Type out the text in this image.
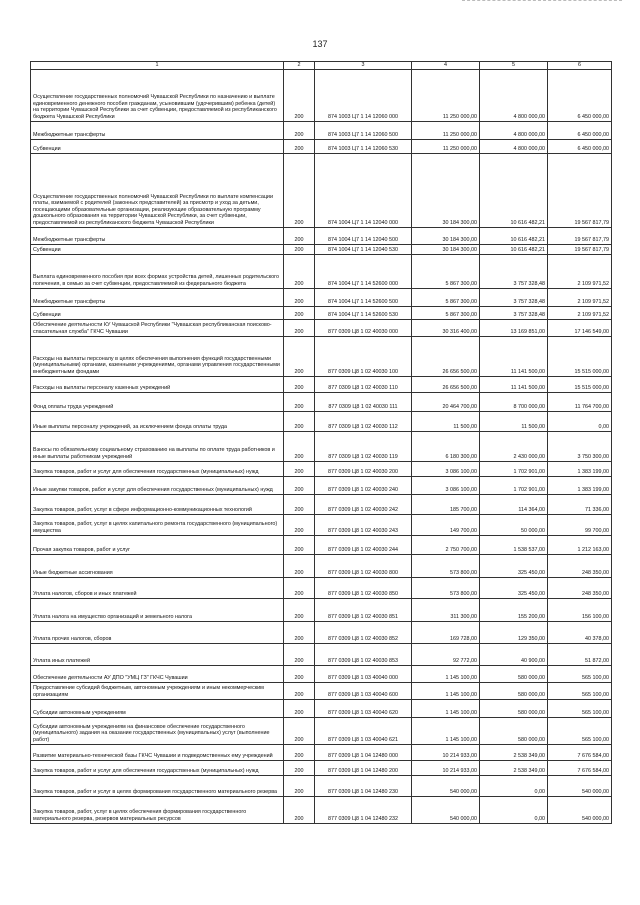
137
1	2	3	4	5	6
Осуществление государственных полномочий Чувашской Республики по назначению и выплате единовременного денежного пособия гражданам, усыновившим (удочерившим) ребенка (детей) на территории Чувашской Республики за счет субвенции, предоставляемой из республиканского бюджета Чувашской Республики	200	874 1003 Ц7 1 14 12060 000	11 250 000,00	4 800 000,00	6 450 000,00
Межбюджетные трансферты	200	874 1003 Ц7 1 14 12060 500	11 250 000,00	4 800 000,00	6 450 000,00
Субвенции	200	874 1003 Ц7 1 14 12060 530	11 250 000,00	4 800 000,00	6 450 000,00
Осуществление государственных полномочий Чувашской Республики по выплате компенсации платы, взимаемой с родителей (законных представителей) за присмотр и уход за детьми, посещающими образовательные организации, реализующие образовательную программу дошкольного образования на территории Чувашской Республики, за счет субвенции, предоставляемой из республиканского бюджета Чувашской Республики	200	874 1004 Ц7 1 14 12040 000	30 184 300,00	10 616 482,21	19 567 817,79
Межбюджетные трансферты	200	874 1004 Ц7 1 14 12040 500	30 184 300,00	10 616 482,21	19 567 817,79
Субвенции	200	874 1004 Ц7 1 14 12040 530	30 184 300,00	10 616 482,21	19 567 817,79
Выплата единовременного пособия при всех формах устройства детей, лишенных родительского попечения, в семью за счет субвенции, предоставляемой из федерального бюджета	200	874 1004 Ц7 1 14 52600 000	5 867 300,00	3 757 328,48	2 109 971,52
Межбюджетные трансферты	200	874 1004 Ц7 1 14 52600 500	5 867 300,00	3 757 328,48	2 109 971,52
Субвенции	200	874 1004 Ц7 1 14 52600 530	5 867 300,00	3 757 328,48	2 109 971,52
Обеспечение деятельности КУ Чувашской Республики "Чувашская республиканская поисково-спасательная служба" ГКЧС Чувашии	200	877 0309 Ц8 1 02 40030 000	30 316 400,00	13 169 851,00	17 146 549,00
Расходы на выплаты персоналу в целях обеспечения выполнения функций государственными (муниципальными) органами, казенными учреждениями, органами управления государственными внебюджетными фондами	200	877 0309 Ц8 1 02 40030 100	26 656 500,00	11 141 500,00	15 515 000,00
Расходы на выплаты персоналу казенных учреждений	200	877 0309 Ц8 1 02 40030 110	26 656 500,00	11 141 500,00	15 515 000,00
Фонд оплаты труда учреждений	200	877 0309 Ц8 1 02 40030 111	20 464 700,00	8 700 000,00	11 764 700,00
Иные выплаты персоналу учреждений, за исключением фонда оплаты труда	200	877 0309 Ц8 1 02 40030 112	11 500,00	11 500,00	0,00
Взносы по обязательному социальному страхованию на выплаты по оплате труда работников и иные выплаты работникам учреждений	200	877 0309 Ц8 1 02 40030 119	6 180 300,00	2 430 000,00	3 750 300,00
Закупка товаров, работ и услуг для обеспечения государственных (муниципальных) нужд	200	877 0309 Ц8 1 02 40030 200	3 086 100,00	1 702 901,00	1 383 199,00
Иные закупки товаров, работ и услуг для обеспечения государственных (муниципальных) нужд	200	877 0309 Ц8 1 02 40030 240	3 086 100,00	1 702 901,00	1 383 199,00
Закупка товаров, работ, услуг в сфере информационно-коммуникационных технологий	200	877 0309 Ц8 1 02 40030 242	185 700,00	114 364,00	71 336,00
Закупка товаров, работ, услуг в целях капитального ремонта государственного (муниципального) имущества	200	877 0309 Ц8 1 02 40030 243	149 700,00	50 000,00	99 700,00
Прочая закупка товаров, работ и услуг	200	877 0309 Ц8 1 02 40030 244	2 750 700,00	1 538 537,00	1 212 163,00
Иные бюджетные ассигнования	200	877 0309 Ц8 1 02 40030 800	573 800,00	325 450,00	248 350,00
Уплата налогов, сборов и иных платежей	200	877 0309 Ц8 1 02 40030 850	573 800,00	325 450,00	248 350,00
Уплата налога на имущество организаций и земельного налога	200	877 0309 Ц8 1 02 40030 851	311 300,00	155 200,00	156 100,00
Уплата прочих налогов, сборов	200	877 0309 Ц8 1 02 40030 852	169 728,00	129 350,00	40 378,00
Уплата иных платежей	200	877 0309 Ц8 1 02 40030 853	92 772,00	40 900,00	51 872,00
Обеспечение деятельности АУ ДПО "УМЦ ГЗ" ГКЧС Чувашии	200	877 0309 Ц8 1 03 40040 000	1 145 100,00	580 000,00	565 100,00
Предоставление субсидий бюджетным, автономным учреждениям и иным некоммерческим организациям	200	877 0309 Ц8 1 03 40040 600	1 145 100,00	580 000,00	565 100,00
Субсидии автономным учреждениям	200	877 0309 Ц8 1 03 40040 620	1 145 100,00	580 000,00	565 100,00
Субсидии автономным учреждениям на финансовое обеспечение государственного (муниципального) задания на оказание государственных (муниципальных) услуг (выполнение работ)	200	877 0309 Ц8 1 03 40040 621	1 145 100,00	580 000,00	565 100,00
Развитие материально-технической базы ГКЧС Чувашии и подведомственных ему учреждений	200	877 0309 Ц8 1 04 12480 000	10 214 933,00	2 538 349,00	7 676 584,00
Закупка товаров, работ и услуг для обеспечения государственных (муниципальных) нужд	200	877 0309 Ц8 1 04 12480 200	10 214 933,00	2 538 349,00	7 676 584,00
Закупка товаров, работ и услуг в целях формирования государственного материального резерва	200	877 0309 Ц8 1 04 12480 230	540 000,00	0,00	540 000,00
Закупка товаров, работ, услуг в целях обеспечения формирования государственного материального резерва, резервов материальных ресурсов	200	877 0309 Ц8 1 04 12480 232	540 000,00	0,00	540 000,00
